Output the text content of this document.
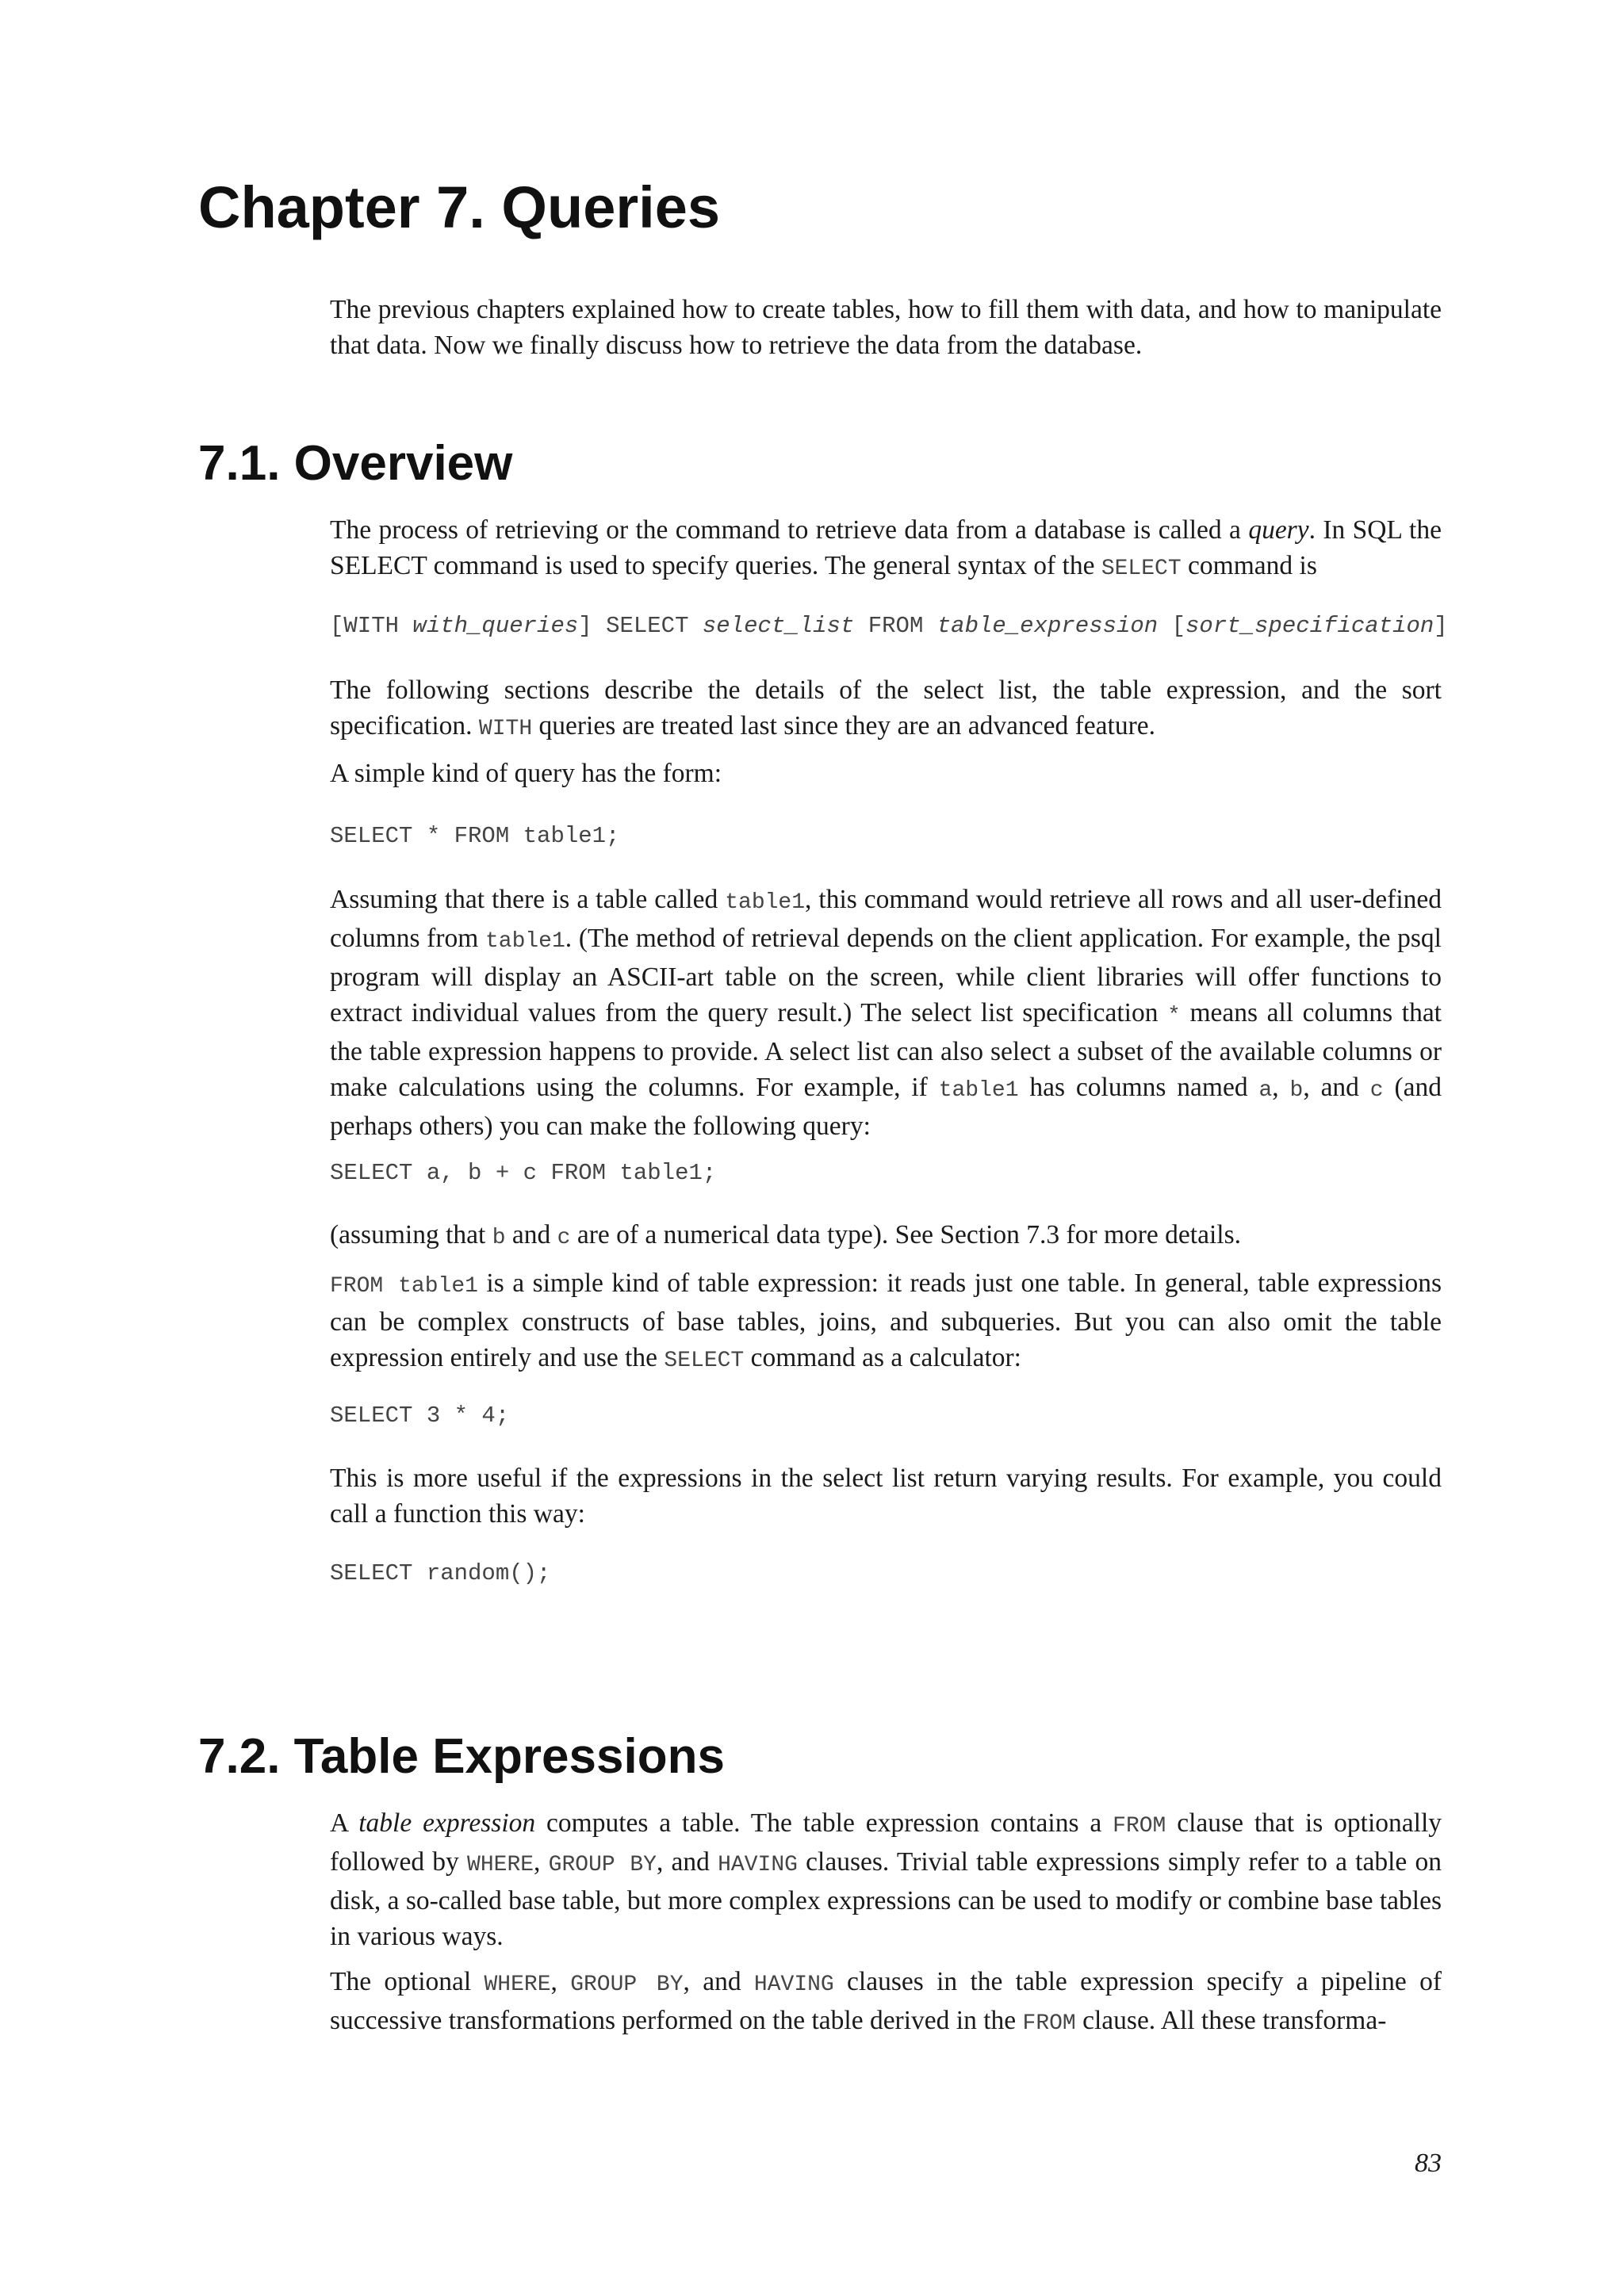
Chapter 7. Queries

The previous chapters explained how to create tables, how to fill them with data, and how to manipulate that data. Now we finally discuss how to retrieve the data from the database.

7.1. Overview

The process of retrieving or the command to retrieve data from a database is called a query. In SQL the SELECT command is used to specify queries. The general syntax of the SELECT command is

[WITH with_queries] SELECT select_list FROM table_expression [sort_specification]

The following sections describe the details of the select list, the table expression, and the sort specification. WITH queries are treated last since they are an advanced feature.

A simple kind of query has the form:

SELECT * FROM table1;

Assuming that there is a table called table1, this command would retrieve all rows and all user-defined columns from table1. (The method of retrieval depends on the client application. For example, the psql program will display an ASCII-art table on the screen, while client libraries will offer functions to extract individual values from the query result.) The select list specification * means all columns that the table expression happens to provide. A select list can also select a subset of the available columns or make calculations using the columns. For example, if table1 has columns named a, b, and c (and perhaps others) you can make the following query:

SELECT a, b + c FROM table1;

(assuming that b and c are of a numerical data type). See Section 7.3 for more details.

FROM table1 is a simple kind of table expression: it reads just one table. In general, table expressions can be complex constructs of base tables, joins, and subqueries. But you can also omit the table expression entirely and use the SELECT command as a calculator:

SELECT 3 * 4;

This is more useful if the expressions in the select list return varying results. For example, you could call a function this way:

SELECT random();
7.2. Table Expressions

A table expression computes a table. The table expression contains a FROM clause that is optionally followed by WHERE, GROUP BY, and HAVING clauses. Trivial table expressions simply refer to a table on disk, a so-called base table, but more complex expressions can be used to modify or combine base tables in various ways.

The optional WHERE, GROUP BY, and HAVING clauses in the table expression specify a pipeline of successive transformations performed on the table derived in the FROM clause. All these transforma-

83
